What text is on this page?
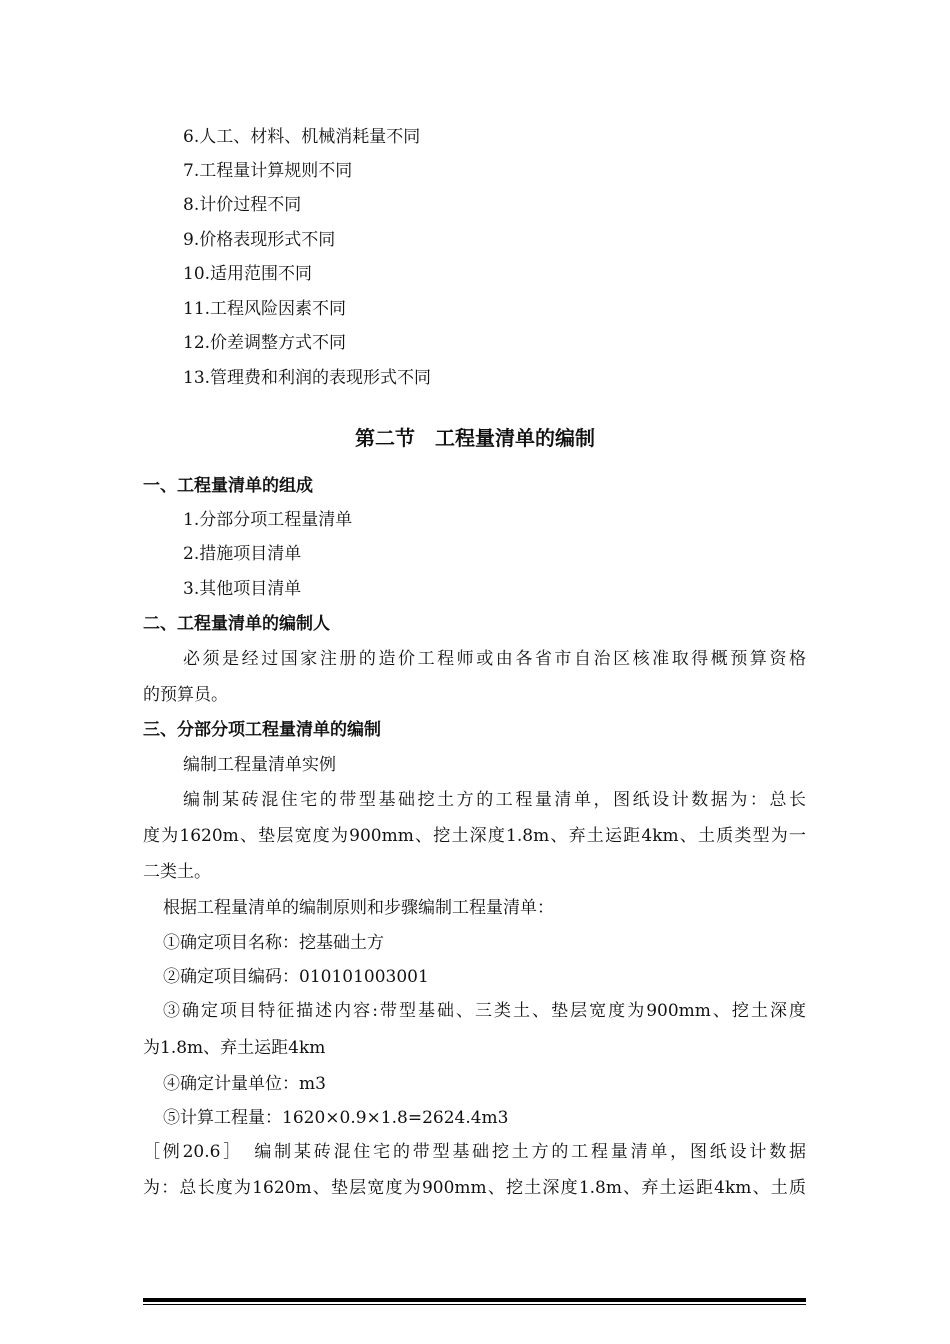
6.人工、材料、机械消耗量不同
7.工程量计算规则不同
8.计价过程不同
9.价格表现形式不同
10.适用范围不同
11.工程风险因素不同
12.价差调整方式不同
13.管理费和利润的表现形式不同
第二节　工程量清单的编制
一、工程量清单的组成
1.分部分项工程量清单
2.措施项目清单
3.其他项目清单
二、工程量清单的编制人
必须是经过国家注册的造价工程师或由各省市自治区核准取得概预算资格
的预算员。
三、分部分项工程量清单的编制
编制工程量清单实例
编制某砖混住宅的带型基础挖土方的工程量清单，图纸设计数据为：总长
度为1620m、垫层宽度为900mm、挖土深度1.8m、弃土运距4km、土质类型为一
二类土。
根据工程量清单的编制原则和步骤编制工程量清单：
①确定项目名称：挖基础土方
②确定项目编码：010101003001
③确定项目特征描述内容:带型基础、三类土、垫层宽度为900mm、挖土深度
为1.8m、弃土运距4km
④确定计量单位：m3
⑤计算工程量：1620×0.9×1.8=2624.4m3
［例20.6］　编制某砖混住宅的带型基础挖土方的工程量清单，图纸设计数据
为：总长度为1620m、垫层宽度为900mm、挖土深度1.8m、弃土运距4km、土质
